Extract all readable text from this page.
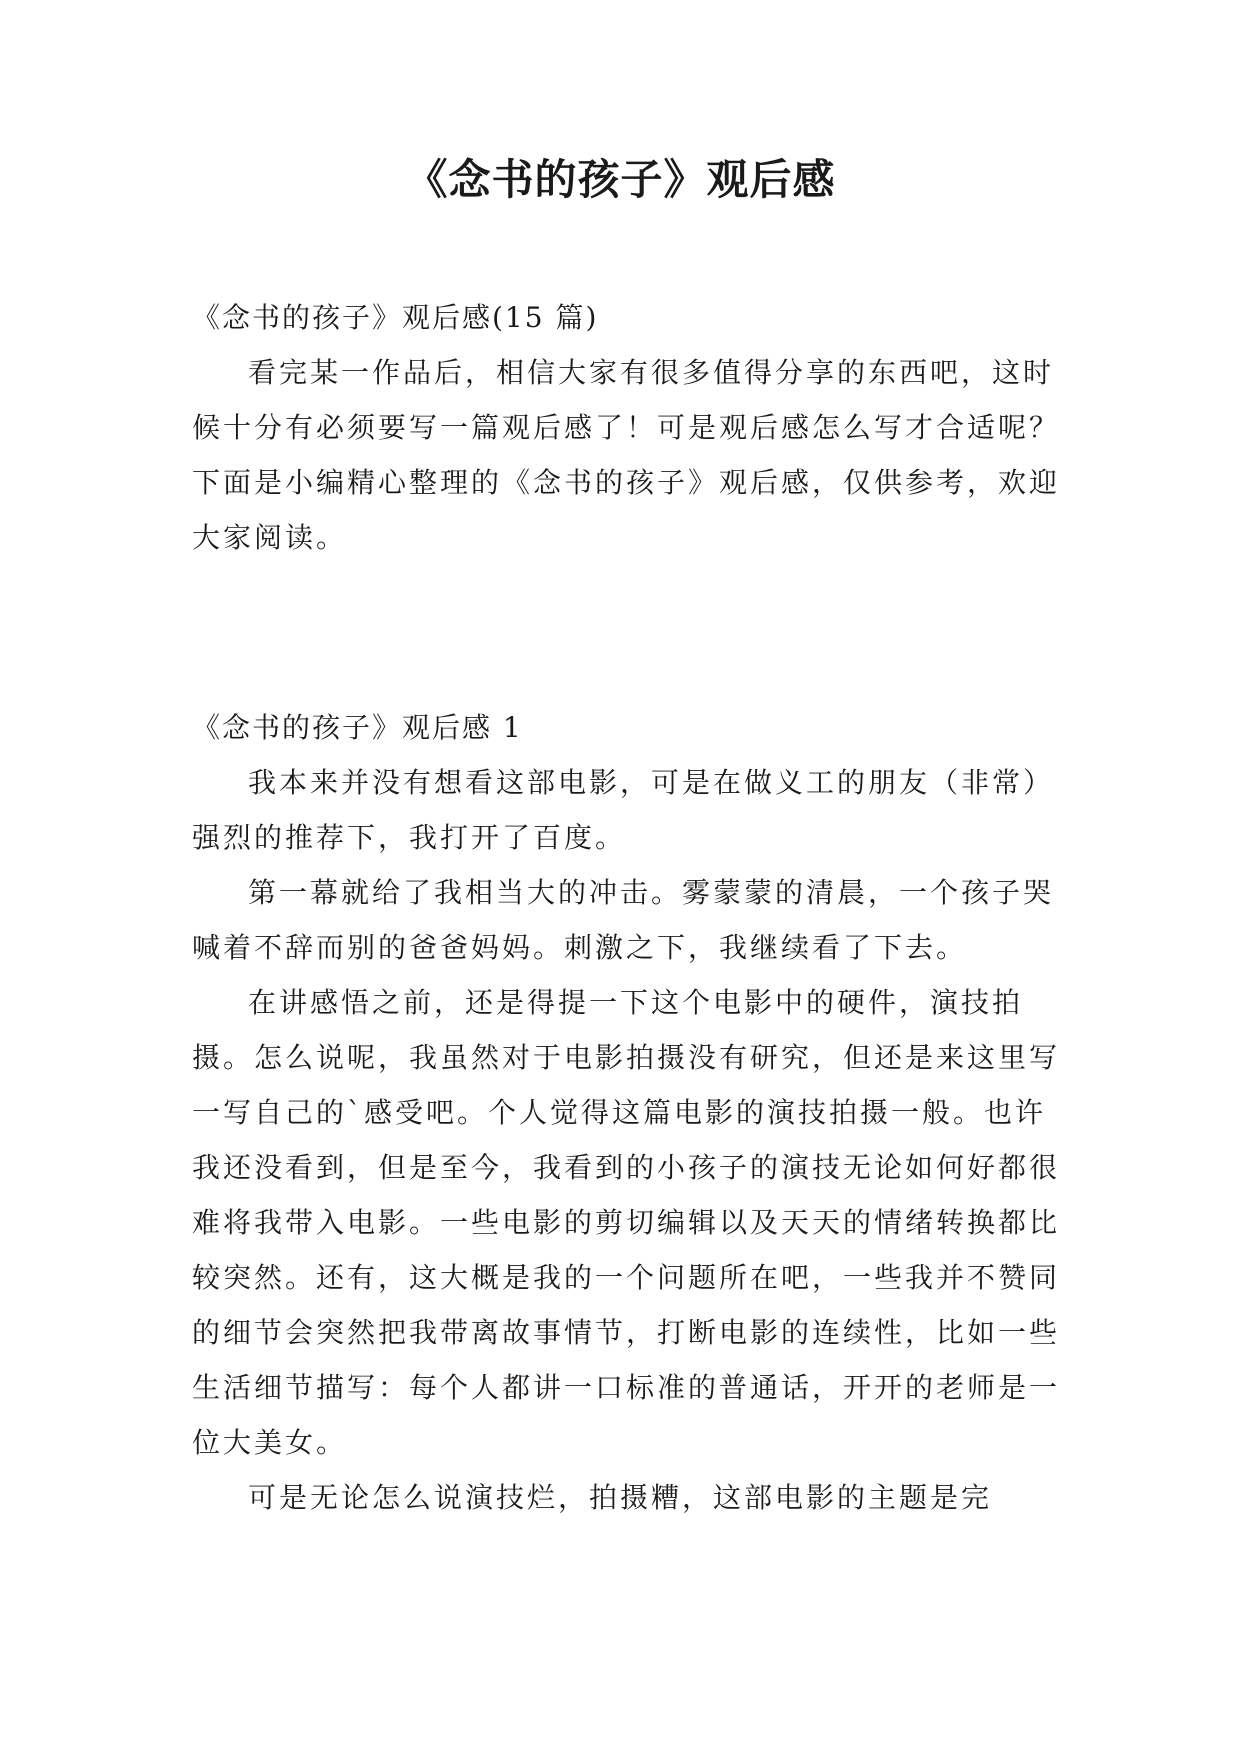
《念书的孩子》观后感
《念书的孩子》观后感(15 篇)

看完某一作品后，相信大家有很多值得分享的东西吧，这时候十分有必须要写一篇观后感了！可是观后感怎么写才合适呢？下面是小编精心整理的《念书的孩子》观后感，仅供参考，欢迎大家阅读。

《念书的孩子》观后感 1

我本来并没有想看这部电影，可是在做义工的朋友（非常）强烈的推荐下，我打开了百度。

第一幕就给了我相当大的冲击。雾蒙蒙的清晨，一个孩子哭喊着不辞而别的爸爸妈妈。刺激之下，我继续看了下去。

在讲感悟之前，还是得提一下这个电影中的硬件，演技拍摄。怎么说呢，我虽然对于电影拍摄没有研究，但还是来这里写一写自己的`感受吧。个人觉得这篇电影的演技拍摄一般。也许我还没看到，但是至今，我看到的小孩子的演技无论如何好都很难将我带入电影。一些电影的剪切编辑以及天天的情绪转换都比较突然。还有，这大概是我的一个问题所在吧，一些我并不赞同的细节会突然把我带离故事情节，打断电影的连续性，比如一些生活细节描写：每个人都讲一口标准的普通话，开开的老师是一位大美女。

可是无论怎么说演技烂，拍摄糟，这部电影的主题是完
